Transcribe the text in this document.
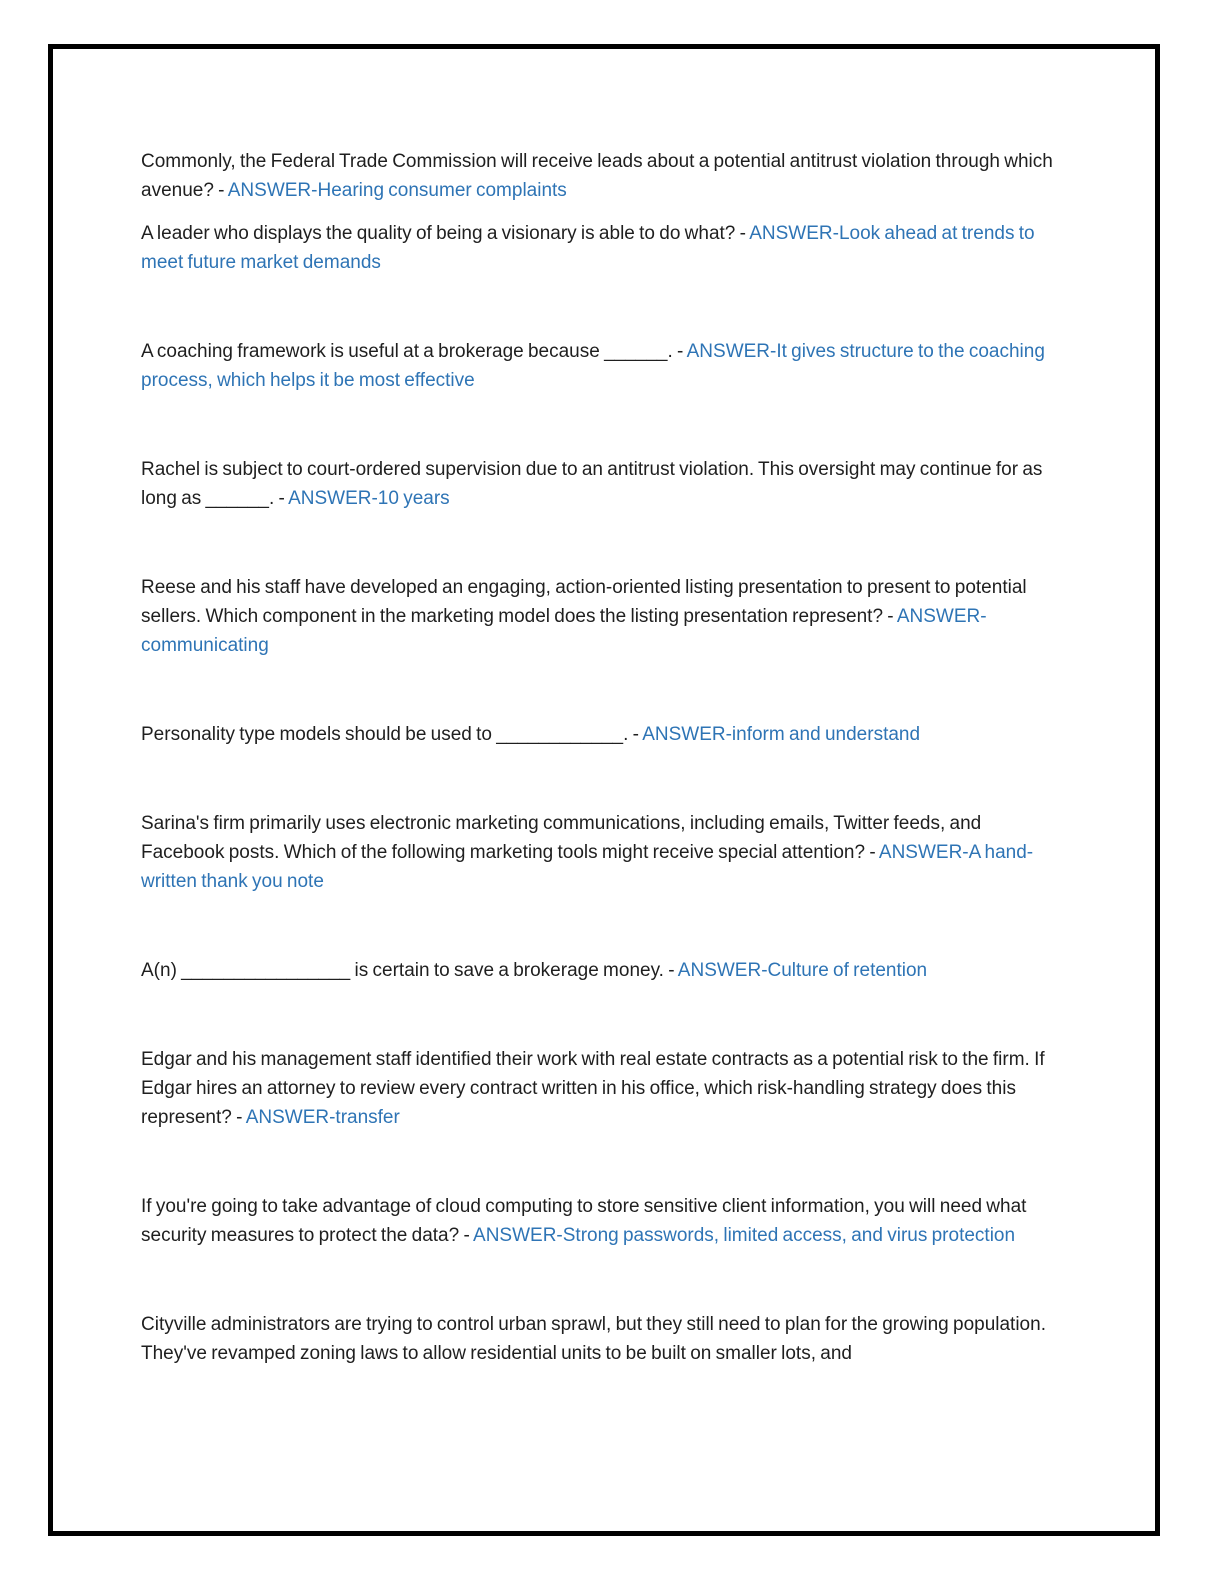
Commonly, the Federal Trade Commission will receive leads about a potential antitrust violation through which avenue? - ANSWER-Hearing consumer complaints

A leader who displays the quality of being a visionary is able to do what? - ANSWER-Look ahead at trends to meet future market demands

A coaching framework is useful at a brokerage because ______. - ANSWER-It gives structure to the coaching process, which helps it be most effective

Rachel is subject to court-ordered supervision due to an antitrust violation. This oversight may continue for as long as ______. - ANSWER-10 years

Reese and his staff have developed an engaging, action-oriented listing presentation to present to potential sellers. Which component in the marketing model does the listing presentation represent? - ANSWER-communicating

Personality type models should be used to ____________. - ANSWER-inform and understand

Sarina's firm primarily uses electronic marketing communications, including emails, Twitter feeds, and Facebook posts. Which of the following marketing tools might receive special attention? - ANSWER-A hand-written thank you note

A(n) ________________ is certain to save a brokerage money. - ANSWER-Culture of retention

Edgar and his management staff identified their work with real estate contracts as a potential risk to the firm. If Edgar hires an attorney to review every contract written in his office, which risk-handling strategy does this represent? - ANSWER-transfer

If you're going to take advantage of cloud computing to store sensitive client information, you will need what security measures to protect the data? - ANSWER-Strong passwords, limited access, and virus protection

Cityville administrators are trying to control urban sprawl, but they still need to plan for the growing population. They've revamped zoning laws to allow residential units to be built on smaller lots, and
